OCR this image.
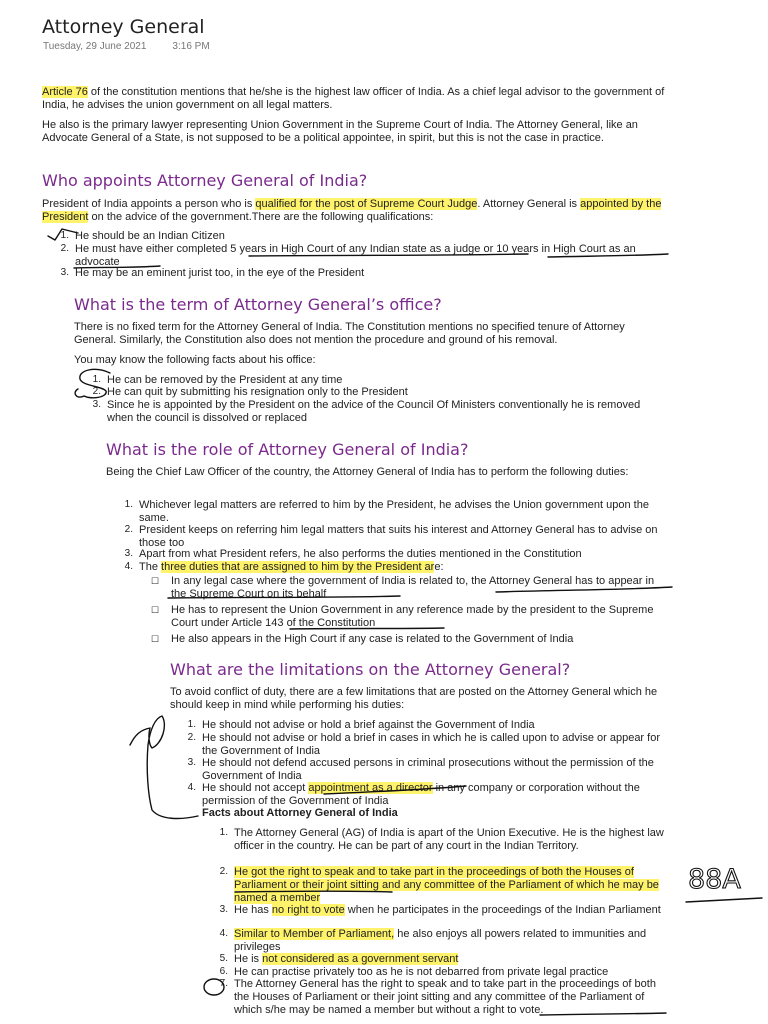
Attorney General
Tuesday, 29 June 2021	3:16 PM

Article 76 of the constitution mentions that he/she is the highest law officer of India. As a chief legal advisor to the government of India, he advises the union government on all legal matters.

He also is the primary lawyer representing Union Government in the Supreme Court of India. The Attorney General, like an Advocate General of a State, is not supposed to be a political appointee, in spirit, but this is not the case in practice.

Who appoints Attorney General of India?

President of India appoints a person who is qualified for the post of Supreme Court Judge. Attorney General is appointed by the President on the advice of the government.There are the following qualifications:

1. He should be an Indian Citizen
2. He must have either completed 5 years in High Court of any Indian state as a judge or 10 years in High Court as an advocate
3. He may be an eminent jurist too, in the eye of the President
What is the term of Attorney General’s office?

There is no fixed term for the Attorney General of India. The Constitution mentions no specified tenure of Attorney General. Similarly, the Constitution also does not mention the procedure and ground of his removal.

You may know the following facts about his office:

1. He can be removed by the President at any time
2. He can quit by submitting his resignation only to the President
3. Since he is appointed by the President on the advice of the Council Of Ministers conventionally he is removed when the council is dissolved or replaced
What is the role of Attorney General of India?

Being the Chief Law Officer of the country, the Attorney General of India has to perform the following duties:

1. Whichever legal matters are referred to him by the President, he advises the Union government upon the same.
2. President keeps on referring him legal matters that suits his interest and Attorney General has to advise on those too
3. Apart from what President refers, he also performs the duties mentioned in the Constitution
4. The three duties that are assigned to him by the President are:
☐ In any legal case where the government of India is related to, the Attorney General has to appear in the Supreme Court on its behalf
☐ He has to represent the Union Government in any reference made by the president to the Supreme Court under Article 143 of the Constitution
☐ He also appears in the High Court if any case is related to the Government of India
What are the limitations on the Attorney General?

To avoid conflict of duty, there are a few limitations that are posted on the Attorney General which he should keep in mind while performing his duties:

1. He should not advise or hold a brief against the Government of India
2. He should not advise or hold a brief in cases in which he is called upon to advise or appear for the Government of India
3. He should not defend accused persons in criminal prosecutions without the permission of the Government of India
4. He should not accept appointment as a director in any company or corporation without the permission of the Government of India
Facts about Attorney General of India
1. The Attorney General (AG) of India is apart of the Union Executive. He is the highest law officer in the country. He can be part of any court in the Indian Territory.
2. He got the right to speak and to take part in the proceedings of both the Houses of Parliament or their joint sitting and any committee of the Parliament of which he may be named a member
3. He has no right to vote when he participates in the proceedings of the Indian Parliament
4. Similar to Member of Parliament, he also enjoys all powers related to immunities and privileges
5. He is not considered as a government servant
6. He can practise privately too as he is not debarred from private legal practice
7. The Attorney General has the right to speak and to take part in the proceedings of both the Houses of Parliament or their joint sitting and any committee of the Parliament of which s/he may be named a member but without a right to vote.
88A
